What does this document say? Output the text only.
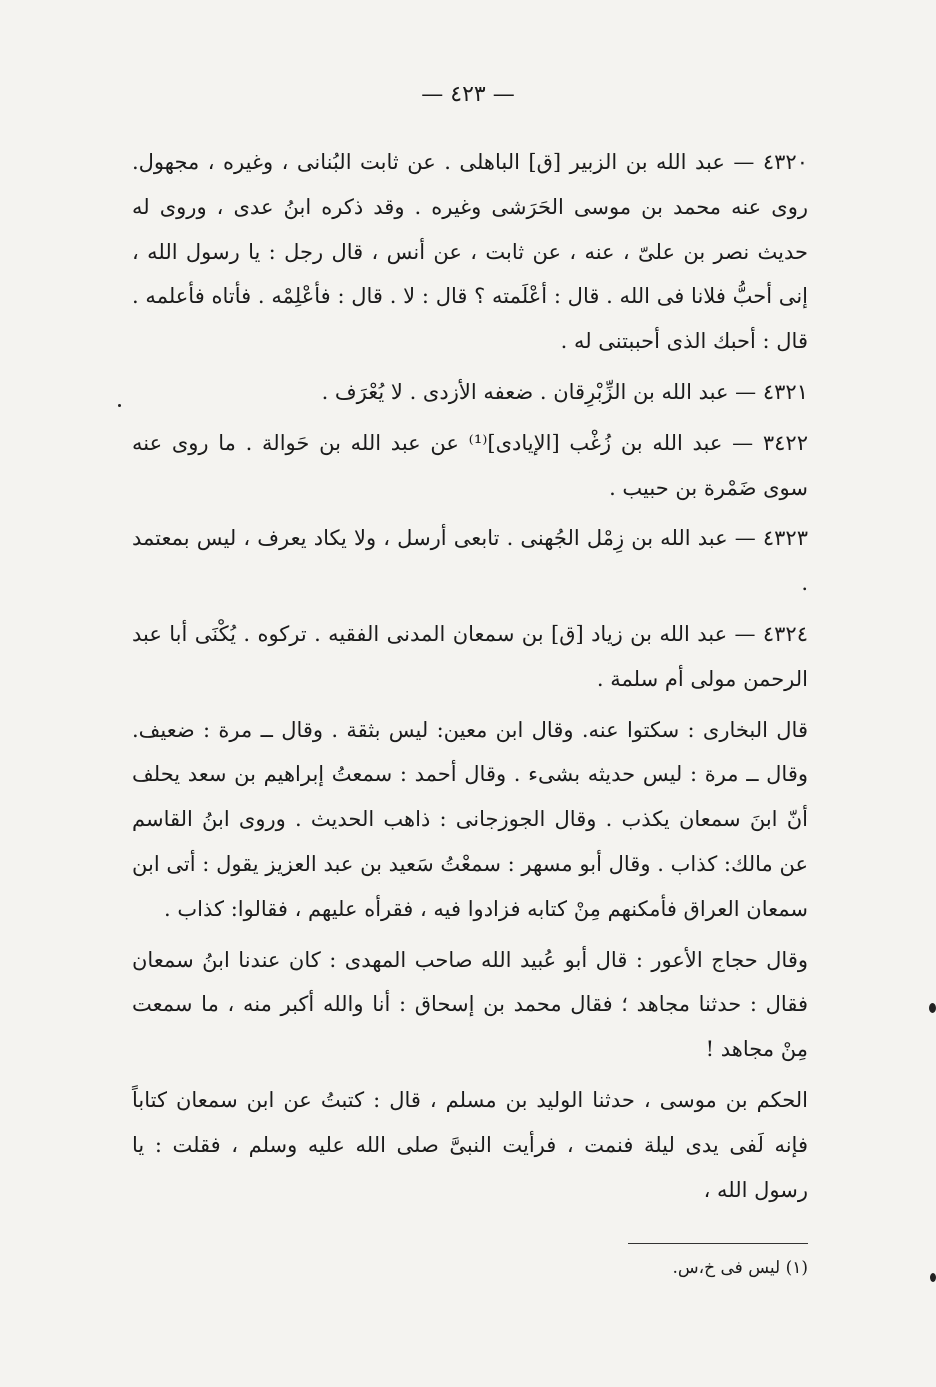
— ٤٢٣ —

٤٣٢٠ — عبد الله بن الزبير [ق] الباهلى . عن ثابت البُنانى ، وغيره ، مجهول. روى عنه محمد بن موسى الحَرَشى وغيره . وقد ذكره ابنُ عدى ، وروى له حديث نصر بن علىّ ، عنه ، عن ثابت ، عن أنس ، قال رجل : يا رسول الله ، إنى أحبُّ فلانا فى الله . قال : أعْلَمته ؟ قال : لا . قال : فأعْلِمْه . فأتاه فأعلمه . قال : أحبك الذى أحببتنى له .

٤٣٢١ — عبد الله بن الزِّبْرِقان . ضعفه الأزدى . لا يُعْرَف .

٣٤٢٢ — عبد الله بن زُغْب [الإيادى]⁽¹⁾ عن عبد الله بن حَوالة . ما روى عنه سوى ضَمْرة بن حبيب .

٤٣٢٣ — عبد الله بن زِمْل الجُهنى . تابعى أرسل ، ولا يكاد يعرف ، ليس بمعتمد .

٤٣٢٤ — عبد الله بن زياد [ق] بن سمعان المدنى الفقيه . تركوه . يُكْنَى أبا عبد الرحمن مولى أم سلمة .

قال البخارى : سكتوا عنه. وقال ابن معين: ليس بثقة . وقال ــ مرة : ضعيف. وقال ــ مرة : ليس حديثه بشىء . وقال أحمد : سمعتُ إبراهيم بن سعد يحلف أنّ ابنَ سمعان يكذب . وقال الجوزجانى : ذاهب الحديث . وروى ابنُ القاسم عن مالك: كذاب . وقال أبو مسهر : سمعْتُ سَعيد بن عبد العزيز يقول : أتى ابن سمعان العراق فأمكنهم مِنْ كتابه فزادوا فيه ، فقرأه عليهم ، فقالوا: كذاب .

وقال حجاج الأعور : قال أبو عُبيد الله صاحب المهدى : كان عندنا ابنُ سمعان فقال : حدثنا مجاهد ؛ فقال محمد بن إسحاق : أنا والله أكبر منه ، ما سمعت مِنْ مجاهد !

الحكم بن موسى ، حدثنا الوليد بن مسلم ، قال : كتبتُ عن ابن سمعان كتاباً فإنه لَفى يدى ليلة فنمت ، فرأيت النبىَّ صلى الله عليه وسلم ، فقلت : يا رسول الله ،

(١) ليس فى خ،س.
